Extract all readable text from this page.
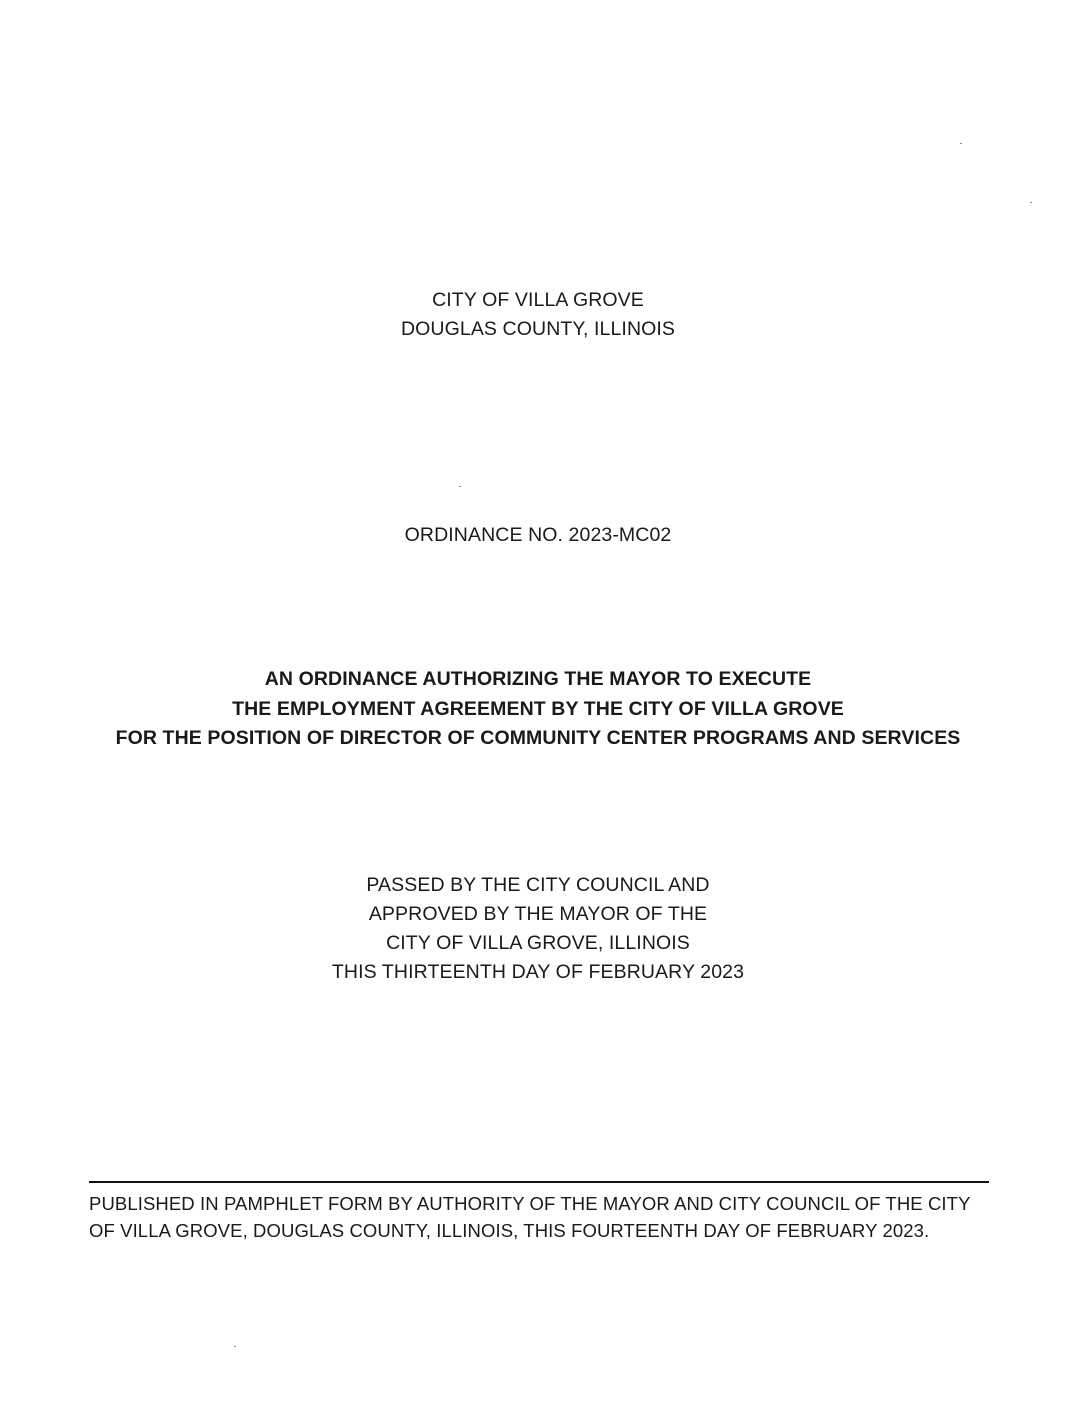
CITY OF VILLA GROVE
DOUGLAS COUNTY, ILLINOIS
ORDINANCE NO. 2023-MC02
AN ORDINANCE AUTHORIZING THE MAYOR TO EXECUTE
THE EMPLOYMENT AGREEMENT BY THE CITY OF VILLA GROVE
FOR THE POSITION OF DIRECTOR OF COMMUNITY CENTER PROGRAMS AND SERVICES
PASSED BY THE CITY COUNCIL AND
APPROVED BY THE MAYOR OF THE
CITY OF VILLA GROVE, ILLINOIS
THIS THIRTEENTH DAY OF FEBRUARY 2023
PUBLISHED IN PAMPHLET FORM BY AUTHORITY OF THE MAYOR AND CITY COUNCIL OF THE CITY
OF VILLA GROVE, DOUGLAS COUNTY, ILLINOIS, THIS FOURTEENTH DAY OF FEBRUARY 2023.
